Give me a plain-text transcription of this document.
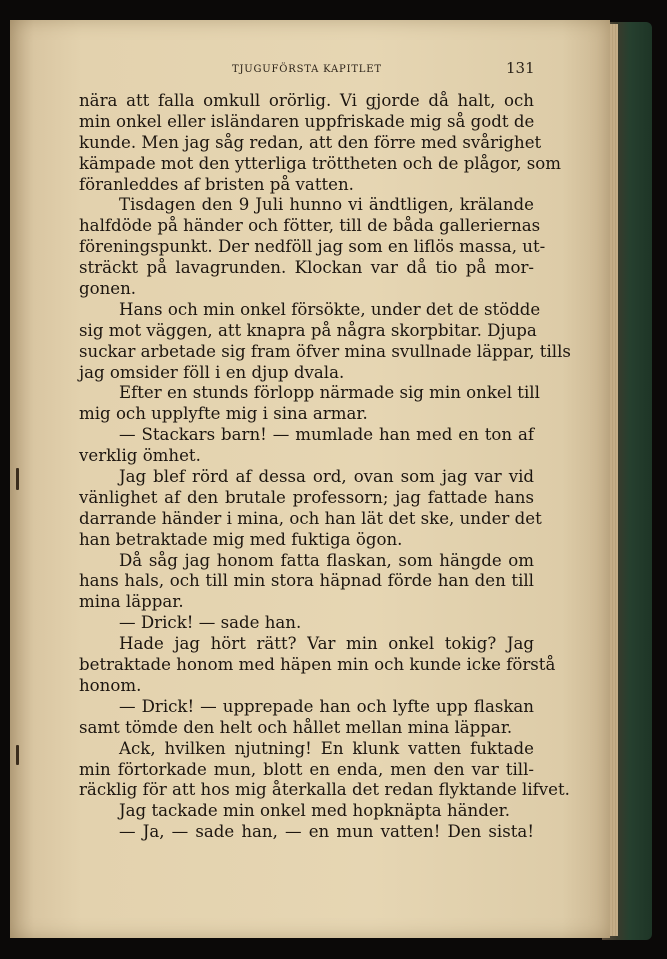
TJUGUFÖRSTA KAPITLET	131
nära att falla omkull orörlig. Vi gjorde då halt, och
min onkel eller isländaren uppfriskade mig så godt de
kunde. Men jag såg redan, att den förre med svårighet
kämpade mot den ytterliga tröttheten och de plågor, som
föranleddes af bristen på vatten.
Tisdagen den 9 Juli hunno vi ändtligen, krälande
halfdöde på händer och fötter, till de båda galleriernas
föreningspunkt. Der nedföll jag som en liflös massa, ut-
sträckt på lavagrunden. Klockan var då tio på mor-
gonen.
Hans och min onkel försökte, under det de stödde
sig mot väggen, att knapra på några skorpbitar. Djupa
suckar arbetade sig fram öfver mina svullnade läppar, tills
jag omsider föll i en djup dvala.
Efter en stunds förlopp närmade sig min onkel till
mig och upplyfte mig i sina armar.
— Stackars barn! — mumlade han med en ton af
verklig ömhet.
Jag blef rörd af dessa ord, ovan som jag var vid
vänlighet af den brutale professorn; jag fattade hans
darrande händer i mina, och han lät det ske, under det
han betraktade mig med fuktiga ögon.
Då såg jag honom fatta flaskan, som hängde om
hans hals, och till min stora häpnad förde han den till
mina läppar.
— Drick! — sade han.
Hade jag hört rätt? Var min onkel tokig? Jag
betraktade honom med häpen min och kunde icke förstå
honom.
— Drick! — upprepade han och lyfte upp flaskan
samt tömde den helt och hållet mellan mina läppar.
Ack, hvilken njutning! En klunk vatten fuktade
min förtorkade mun, blott en enda, men den var till-
räcklig för att hos mig återkalla det redan flyktande lifvet.
Jag tackade min onkel med hopknäpta händer.
— Ja, — sade han, — en mun vatten! Den sista!
